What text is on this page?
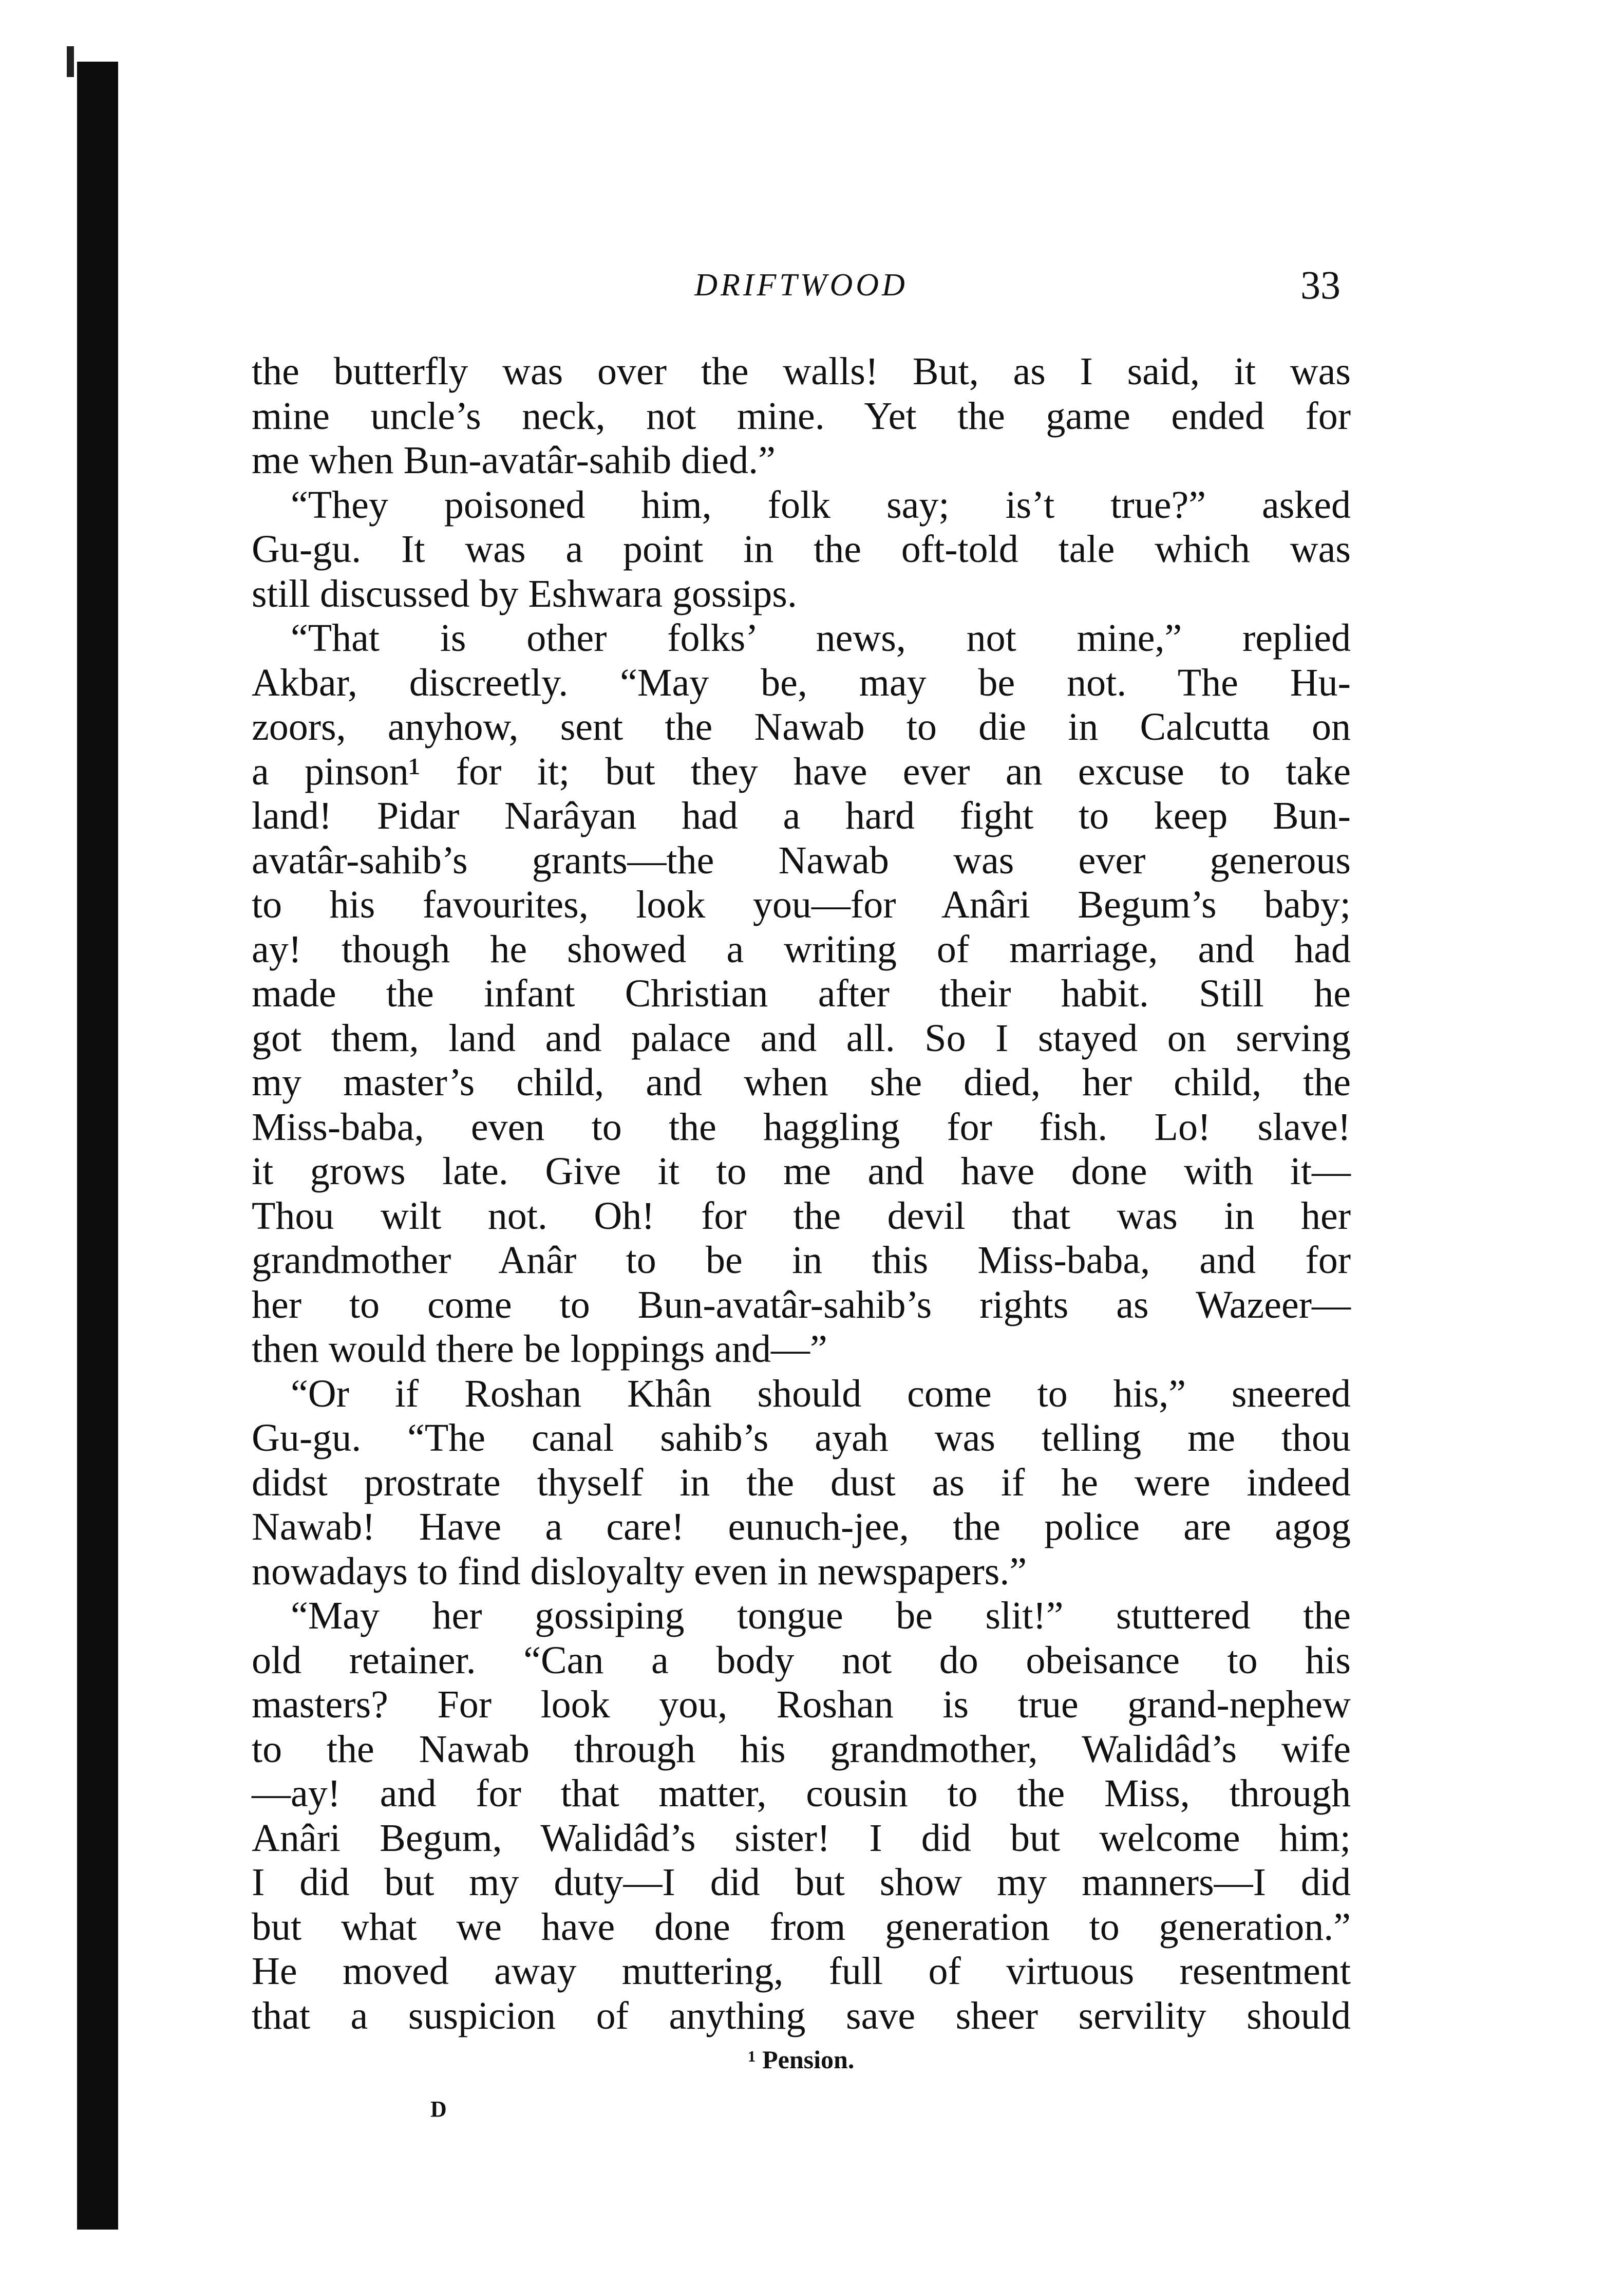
DRIFTWOOD	33
the butterfly was over the walls! But, as I said, it was
mine uncle’s neck, not mine. Yet the game ended for
me when Bun-avatâr-sahib died.”
“They poisoned him, folk say; is’t true?” asked
Gu-gu. It was a point in the oft-told tale which was
still discussed by Eshwara gossips.
“That is other folks’ news, not mine,” replied
Akbar, discreetly. “May be, may be not. The Hu-
zoors, anyhow, sent the Nawab to die in Calcutta on
a pinson¹ for it; but they have ever an excuse to take
land! Pidar Narâyan had a hard fight to keep Bun-
avatâr-sahib’s grants—the Nawab was ever generous
to his favourites, look you—for Anâri Begum’s baby;
ay! though he showed a writing of marriage, and had
made the infant Christian after their habit. Still he
got them, land and palace and all. So I stayed on serving
my master’s child, and when she died, her child, the
Miss-baba, even to the haggling for fish. Lo! slave!
it grows late. Give it to me and have done with it—
Thou wilt not. Oh! for the devil that was in her
grandmother Anâr to be in this Miss-baba, and for
her to come to Bun-avatâr-sahib’s rights as Wazeer—
then would there be loppings and—”
“Or if Roshan Khân should come to his,” sneered
Gu-gu. “The canal sahib’s ayah was telling me thou
didst prostrate thyself in the dust as if he were indeed
Nawab! Have a care! eunuch-jee, the police are agog
nowadays to find disloyalty even in newspapers.”
“May her gossiping tongue be slit!” stuttered the
old retainer. “Can a body not do obeisance to his
masters? For look you, Roshan is true grand-nephew
to the Nawab through his grandmother, Walidâd’s wife
—ay! and for that matter, cousin to the Miss, through
Anâri Begum, Walidâd’s sister! I did but welcome him;
I did but my duty—I did but show my manners—I did
but what we have done from generation to generation.”
He moved away muttering, full of virtuous resentment
that a suspicion of anything save sheer servility should
¹ Pension.
D
